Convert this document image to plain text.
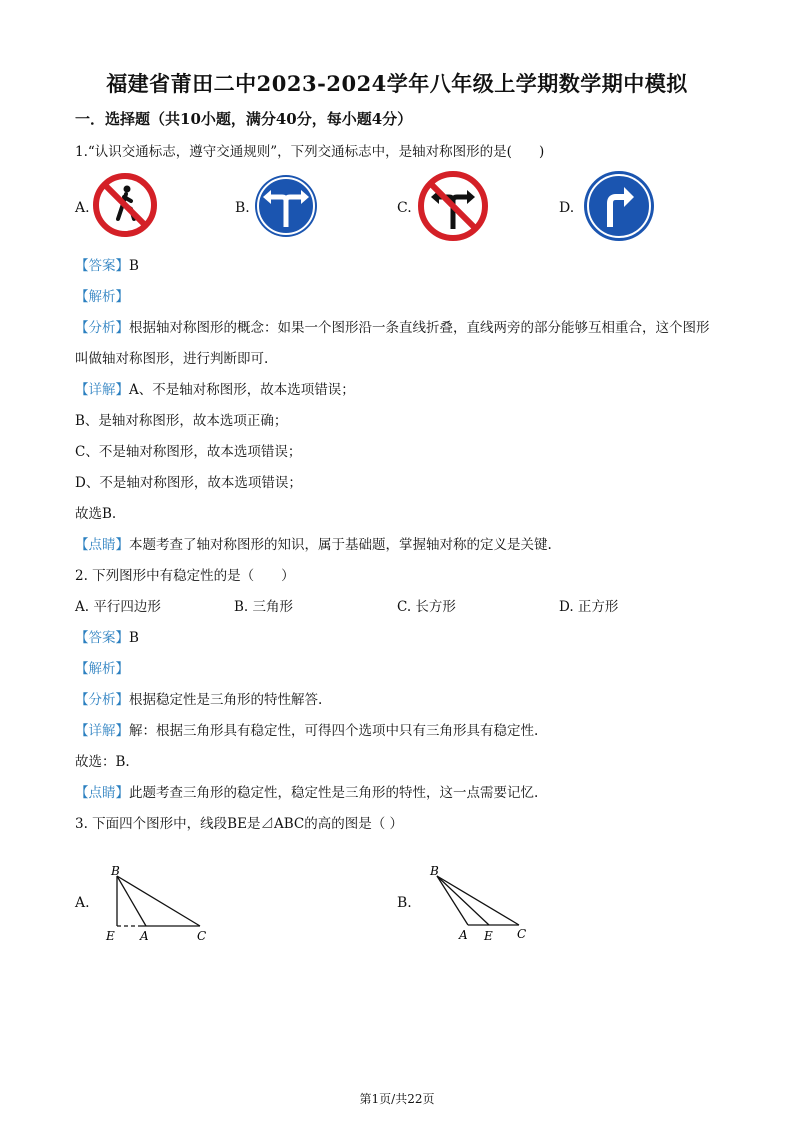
福建省莆田二中2023-2024学年八年级上学期数学期中模拟
一．选择题（共10小题，满分40分，每小题4分）
1.“认识交通标志，遵守交通规则”，下列交通标志中，是轴对称图形的是(　　)
A.	B.	C.	D.
【答案】B
【解析】
【分析】根据轴对称图形的概念：如果一个图形沿一条直线折叠，直线两旁的部分能够互相重合，这个图形
叫做轴对称图形，进行判断即可.
【详解】A、不是轴对称图形，故本选项错误；
B、是轴对称图形，故本选项正确；
C、不是轴对称图形，故本选项错误；
D、不是轴对称图形，故本选项错误；
故选B.
【点睛】本题考查了轴对称图形的知识，属于基础题，掌握轴对称的定义是关键.
2. 下列图形中有稳定性的是（　　）
A. 平行四边形	B. 三角形	C. 长方形	D. 正方形
【答案】B
【解析】
【分析】根据稳定性是三角形的特性解答.
【详解】解：根据三角形具有稳定性，可得四个选项中只有三角形具有稳定性.
故选：B.
【点睛】此题考查三角形的稳定性，稳定性是三角形的特性，这一点需要记忆.
3. 下面四个图形中，线段BE是⊿ABC的高的图是（ ）
A.
B
E A	C
B.
B
A E C
第1页/共22页
